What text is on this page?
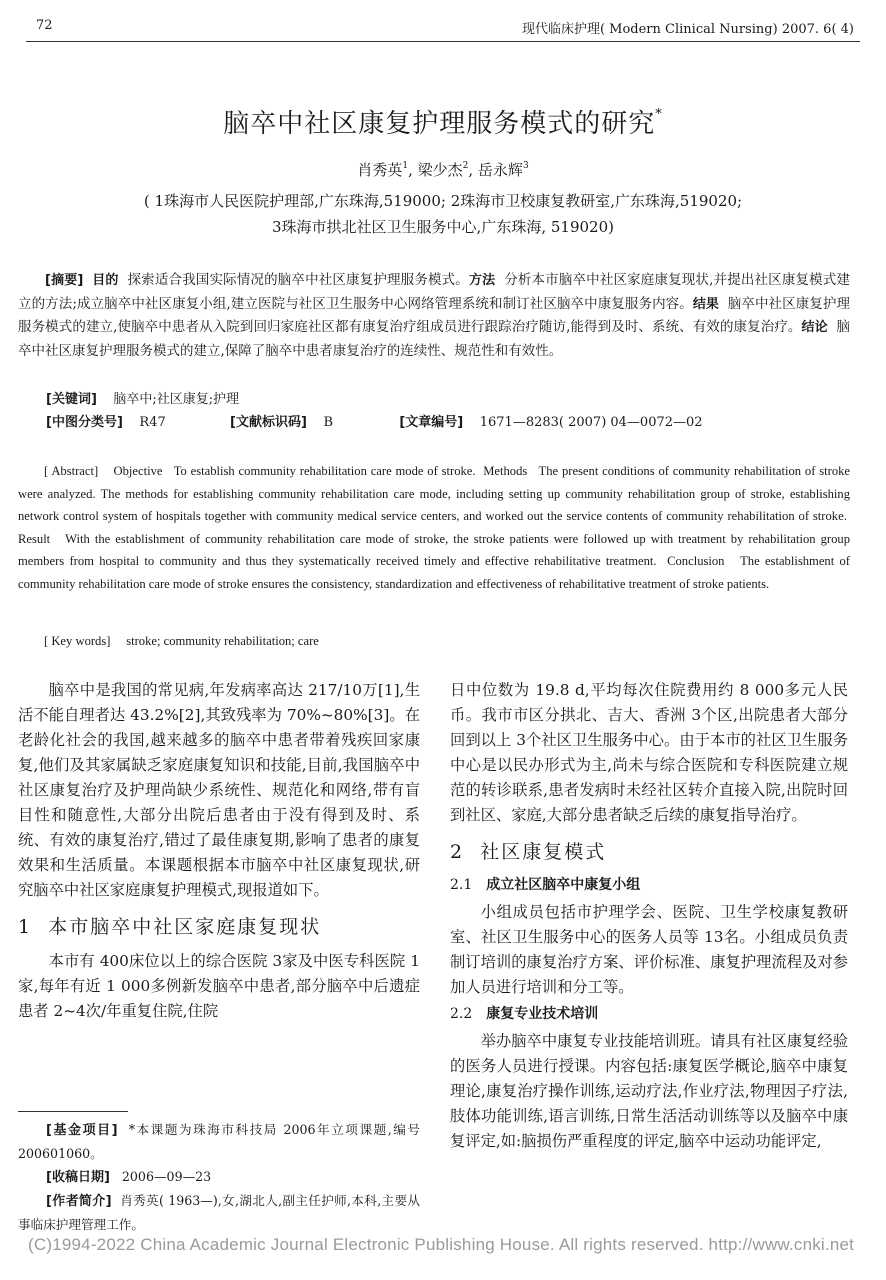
72	现代临床护理( Modern Clinical Nursing) 2007. 6( 4)
脑卒中社区康复护理服务模式的研究*
肖秀英$^1$, 梁少杰$^2$, 岳永辉$^3$
( 1珠海市人民医院护理部,广东珠海,519000; 2珠海市卫校康复教研室,广东珠海,519020;
3珠海市拱北社区卫生服务中心,广东珠海, 519020)
[摘要] 目的 探索适合我国实际情况的脑卒中社区康复护理服务模式。方法 分析本市脑卒中社区家庭康复现状,并提出社区康复模式建立的方法;成立脑卒中社区康复小组,建立医院与社区卫生服务中心网络管理系统和制订社区脑卒中康复服务内容。结果 脑卒中社区康复护理服务模式的建立,使脑卒中患者从入院到回归家庭社区都有康复治疗组成员进行跟踪治疗随访,能得到及时、系统、有效的康复治疗。结论 脑卒中社区康复护理服务模式的建立,保障了脑卒中患者康复治疗的连续性、规范性和有效性。
[关键词] 脑卒中;社区康复;护理
[中图分类号] R47	[文献标识码] B	[文章编号] 1671—8283( 2007) 04—0072—02
[ Abstract] Objective To establish community rehabilitation care mode of stroke. Methods The present conditions of community rehabilitation of stroke were analyzed. The methods for establishing community rehabilitation care mode, including setting up community rehabilitation group of stroke, establishing network control system of hospitals together with community medical service centers, and worked out the service contents of community rehabilitation of stroke.  Result With the establishment of community rehabilitation care mode of stroke, the stroke patients were followed up with treatment by rehabilitation group members from hospital to community and thus they systematically received timely and effective rehabilitative treatment. Conclusion The establishment of community rehabilitation care mode of stroke ensures the consistency, standardization and effectiveness of rehabilitative treatment of stroke patients.
[ Key words] stroke; community rehabilitation; care

脑卒中是我国的常见病,年发病率高达 217/10万[1],生活不能自理者达 43.2%[2],其致残率为 70%~80%[3]。在老龄化社会的我国,越来越多的脑卒中患者带着残疾回家康复,他们及其家属缺乏家庭康复知识和技能,目前,我国脑卒中社区康复治疗及护理尚缺少系统性、规范化和网络,带有盲目性和随意性,大部分出院后患者由于没有得到及时、系统、有效的康复治疗,错过了最佳康复期,影响了患者的康复效果和生活质量。本课题根据本市脑卒中社区康复现状,研究脑卒中社区家庭康复护理模式,现报道如下。

1 本市脑卒中社区家庭康复现状

本市有 400床位以上的综合医院 3家及中医专科医院 1家,每年有近 1 000多例新发脑卒中患者,部分脑卒中后遗症患者 2~4次/年重复住院,住院

[基金项目] *本课题为珠海市科技局 2006年立项课题,编号 200601060。
[收稿日期] 2006—09—23
[作者简介] 肖秀英( 1963—),女,湖北人,副主任护师,本科,主要从事临床护理管理工作。

日中位数为 19.8 d,平均每次住院费用约 8 000多元人民币。我市市区分拱北、吉大、香洲 3个区,出院患者大部分回到以上 3个社区卫生服务中心。由于本市的社区卫生服务中心是以民办形式为主,尚未与综合医院和专科医院建立规范的转诊联系,患者发病时未经社区转介直接入院,出院时回到社区、家庭,大部分患者缺乏后续的康复指导治疗。

2 社区康复模式

2.1 成立社区脑卒中康复小组

小组成员包括市护理学会、医院、卫生学校康复教研室、社区卫生服务中心的医务人员等 13名。小组成员负责制订培训的康复治疗方案、评价标准、康复护理流程及对参加人员进行培训和分工等。

2.2 康复专业技术培训

举办脑卒中康复专业技能培训班。请具有社区康复经验的医务人员进行授课。内容包括:康复医学概论,脑卒中康复理论,康复治疗操作训练,运动疗法,作业疗法,物理因子疗法,肢体功能训练,语言训练,日常生活活动训练等以及脑卒中康复评定,如:脑损伤严重程度的评定,脑卒中运动功能评定,

(C)1994-2022 China Academic Journal Electronic Publishing House. All rights reserved. http://www.cnki.net
